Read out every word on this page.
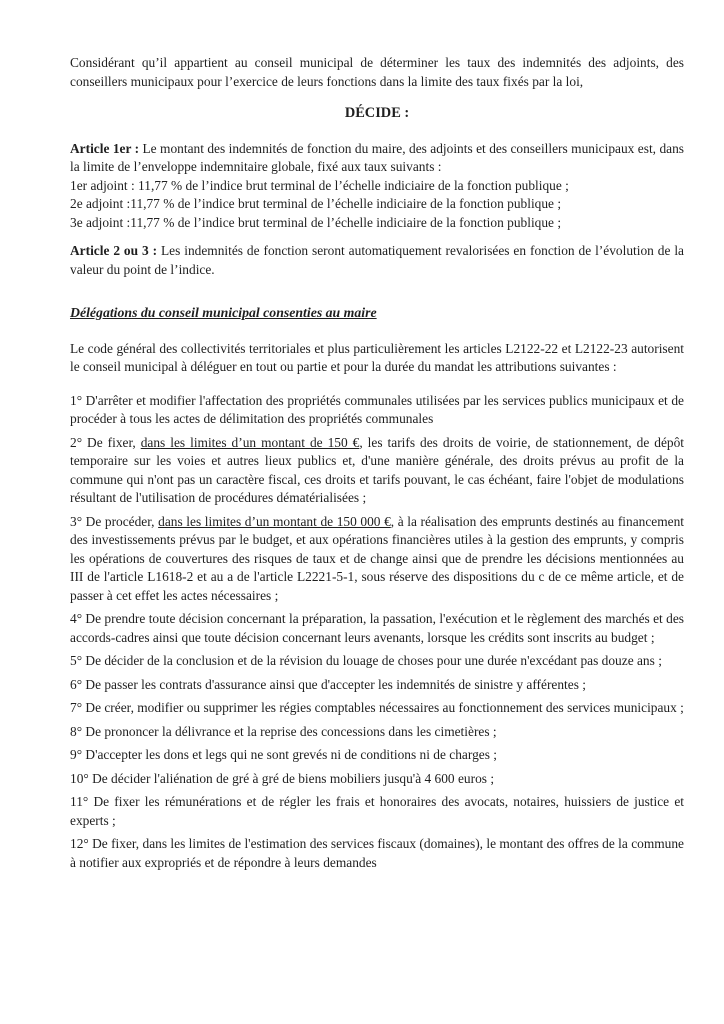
Considérant qu’il appartient au conseil municipal de déterminer les taux des indemnités des adjoints, des conseillers municipaux pour l’exercice de leurs fonctions dans la limite des taux fixés par la loi,

DÉCIDE :

Article 1er : Le montant des indemnités de fonction du maire, des adjoints et des conseillers municipaux est, dans la limite de l’enveloppe indemnitaire globale, fixé aux taux suivants :
1er adjoint : 11,77 % de l’indice brut terminal de l’échelle indiciaire de la fonction publique ;
2e adjoint :11,77 % de l’indice brut terminal de l’échelle indiciaire de la fonction publique ;
3e adjoint :11,77 % de l’indice brut terminal de l’échelle indiciaire de la fonction publique ;

Article 2 ou 3 : Les indemnités de fonction seront automatiquement revalorisées en fonction de l’évolution de la valeur du point de l’indice.

Délégations du conseil municipal consenties au maire

Le code général des collectivités territoriales et plus particulièrement les articles L2122-22 et L2122-23 autorisent le conseil municipal à déléguer en tout ou partie et pour la durée du mandat les attributions suivantes :

1° D'arrêter et modifier l'affectation des propriétés communales utilisées par les services publics municipaux et de procéder à tous les actes de délimitation des propriétés communales

2° De fixer, dans les limites d’un montant de 150 €, les tarifs des droits de voirie, de stationnement, de dépôt temporaire sur les voies et autres lieux publics et, d'une manière générale, des droits prévus au profit de la commune qui n'ont pas un caractère fiscal, ces droits et tarifs pouvant, le cas échéant, faire l'objet de modulations résultant de l'utilisation de procédures dématérialisées ;

3° De procéder, dans les limites d’un montant de 150 000 €, à la réalisation des emprunts destinés au financement des investissements prévus par le budget, et aux opérations financières utiles à la gestion des emprunts, y compris les opérations de couvertures des risques de taux et de change ainsi que de prendre les décisions mentionnées au III de l'article L1618-2 et au a de l'article L2221-5-1, sous réserve des dispositions du c de ce même article, et de passer à cet effet les actes nécessaires ;

4° De prendre toute décision concernant la préparation, la passation, l'exécution et le règlement des marchés et des accords-cadres ainsi que toute décision concernant leurs avenants, lorsque les crédits sont inscrits au budget ;

5° De décider de la conclusion et de la révision du louage de choses pour une durée n'excédant pas douze ans ;

6° De passer les contrats d'assurance ainsi que d'accepter les indemnités de sinistre y afférentes ;

7° De créer, modifier ou supprimer les régies comptables nécessaires au fonctionnement des services municipaux ;

8° De prononcer la délivrance et la reprise des concessions dans les cimetières ;

9° D'accepter les dons et legs qui ne sont grevés ni de conditions ni de charges ;

10° De décider l'aliénation de gré à gré de biens mobiliers jusqu'à 4 600 euros ;

11° De fixer les rémunérations et de régler les frais et honoraires des avocats, notaires, huissiers de justice et experts ;

12° De fixer, dans les limites de l'estimation des services fiscaux (domaines), le montant des offres de la commune à notifier aux expropriés et de répondre à leurs demandes
